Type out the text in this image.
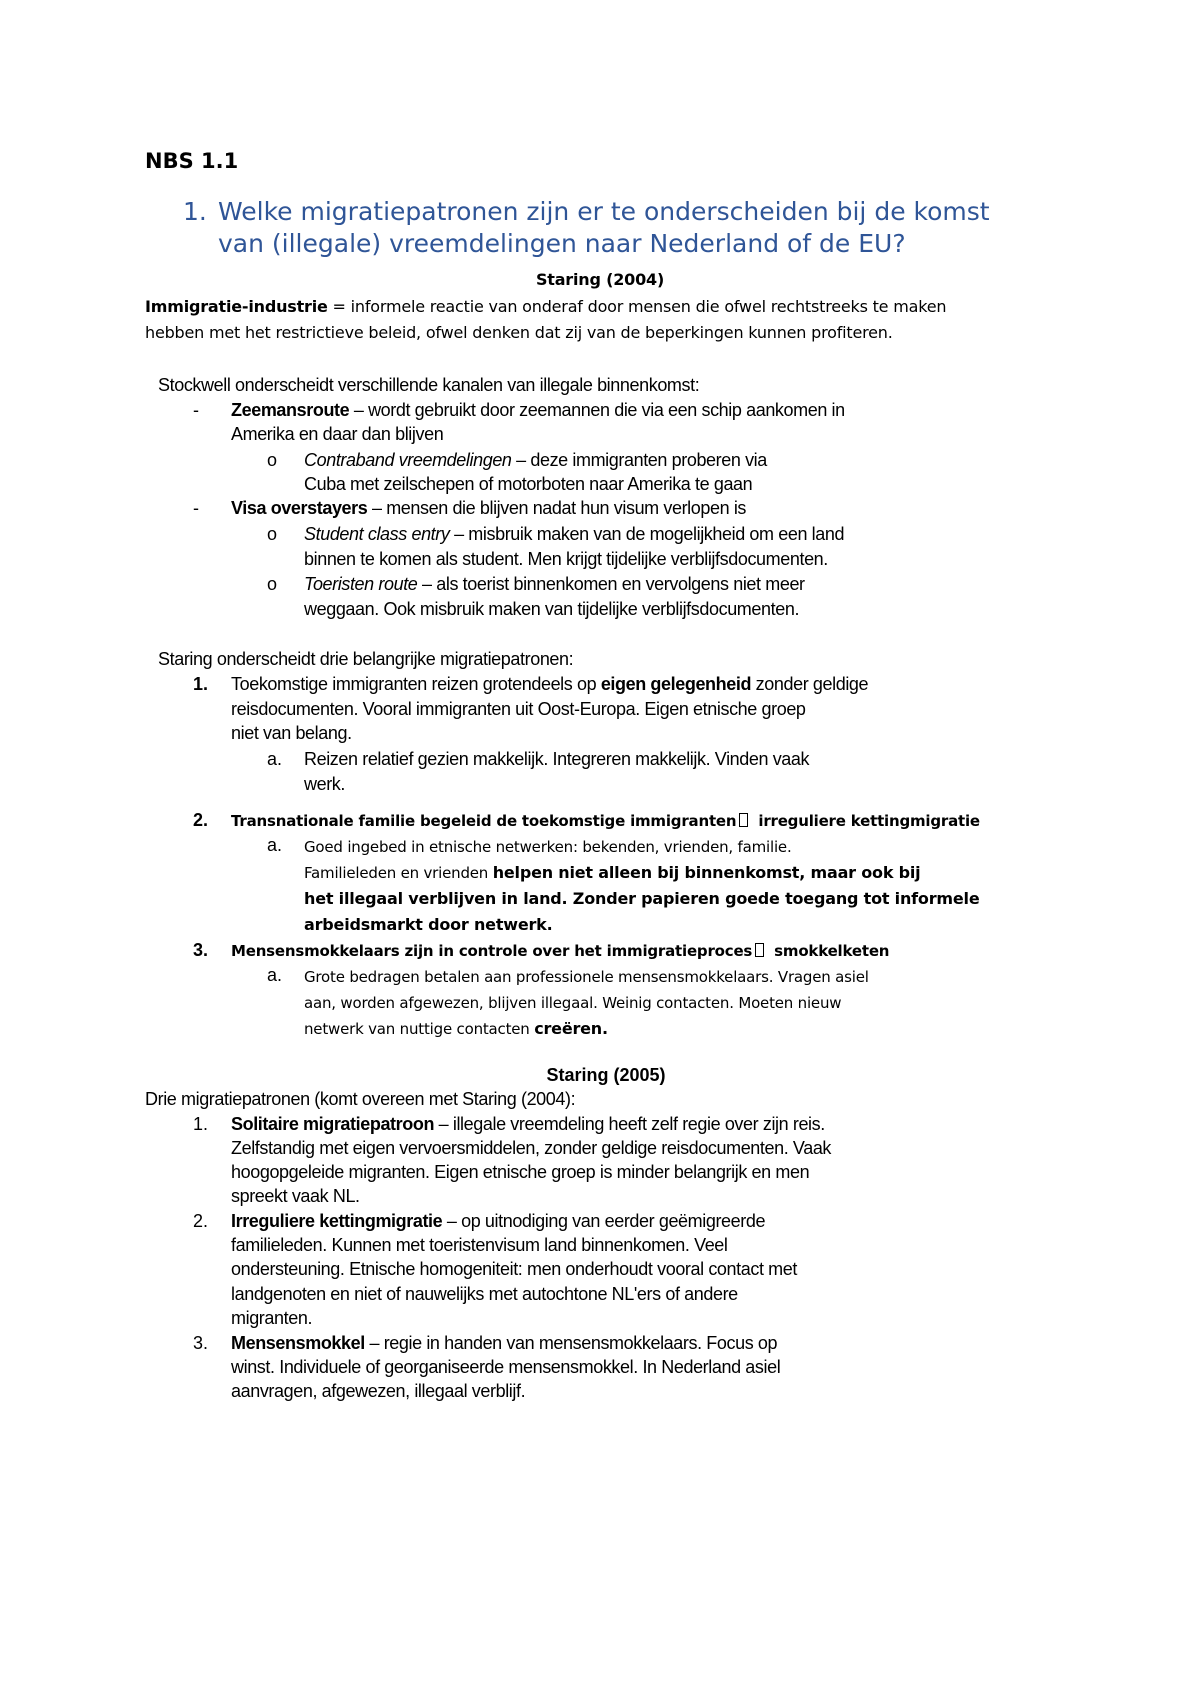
NBS 1.1
1. Welke migratiepatronen zijn er te onderscheiden bij de komst
van (illegale) vreemdelingen naar Nederland of de EU?
Staring (2004)
Immigratie-industrie = informele reactie van onderaf door mensen die ofwel rechtstreeks te maken
hebben met het restrictieve beleid, ofwel denken dat zij van de beperkingen kunnen profiteren.
Stockwell onderscheidt verschillende kanalen van illegale binnenkomst:
- Zeemansroute – wordt gebruikt door zeemannen die via een schip aankomen in
Amerika en daar dan blijven
o Contraband vreemdelingen – deze immigranten proberen via
Cuba met zeilschepen of motorboten naar Amerika te gaan
- Visa overstayers – mensen die blijven nadat hun visum verlopen is
o Student class entry – misbruik maken van de mogelijkheid om een land
binnen te komen als student. Men krijgt tijdelijke verblijfsdocumenten.
o Toeristen route – als toerist binnenkomen en vervolgens niet meer
weggaan. Ook misbruik maken van tijdelijke verblijfsdocumenten.
Staring onderscheidt drie belangrijke migratiepatronen:
1. Toekomstige immigranten reizen grotendeels op eigen gelegenheid zonder geldige
reisdocumenten. Vooral immigranten uit Oost-Europa. Eigen etnische groep
niet van belang.
a. Reizen relatief gezien makkelijk. Integreren makkelijk. Vinden vaak
werk.
2. Transnationale familie begeleid de toekomstige immigranten irreguliere kettingmigratie
a. Goed ingebed in etnische netwerken: bekenden, vrienden, familie.
Familieleden en vrienden helpen niet alleen bij binnenkomst, maar ook bij
het illegaal verblijven in land. Zonder papieren goede toegang tot informele
arbeidsmarkt door netwerk.
3. Mensensmokkelaars zijn in controle over het immigratieproces smokkelketen
a. Grote bedragen betalen aan professionele mensensmokkelaars. Vragen asiel
aan, worden afgewezen, blijven illegaal. Weinig contacten. Moeten nieuw
netwerk van nuttige contacten creëren.
Staring (2005)
Drie migratiepatronen (komt overeen met Staring (2004):
1. Solitaire migratiepatroon – illegale vreemdeling heeft zelf regie over zijn reis.
Zelfstandig met eigen vervoersmiddelen, zonder geldige reisdocumenten. Vaak
hoogopgeleide migranten. Eigen etnische groep is minder belangrijk en men
spreekt vaak NL.
2. Irreguliere kettingmigratie – op uitnodiging van eerder geëmigreerde
familieleden. Kunnen met toeristenvisum land binnenkomen. Veel
ondersteuning. Etnische homogeniteit: men onderhoudt vooral contact met
landgenoten en niet of nauwelijks met autochtone NL'ers of andere
migranten.
3. Mensensmokkel – regie in handen van mensensmokkelaars. Focus op
winst. Individuele of georganiseerde mensensmokkel. In Nederland asiel
aanvragen, afgewezen, illegaal verblijf.
